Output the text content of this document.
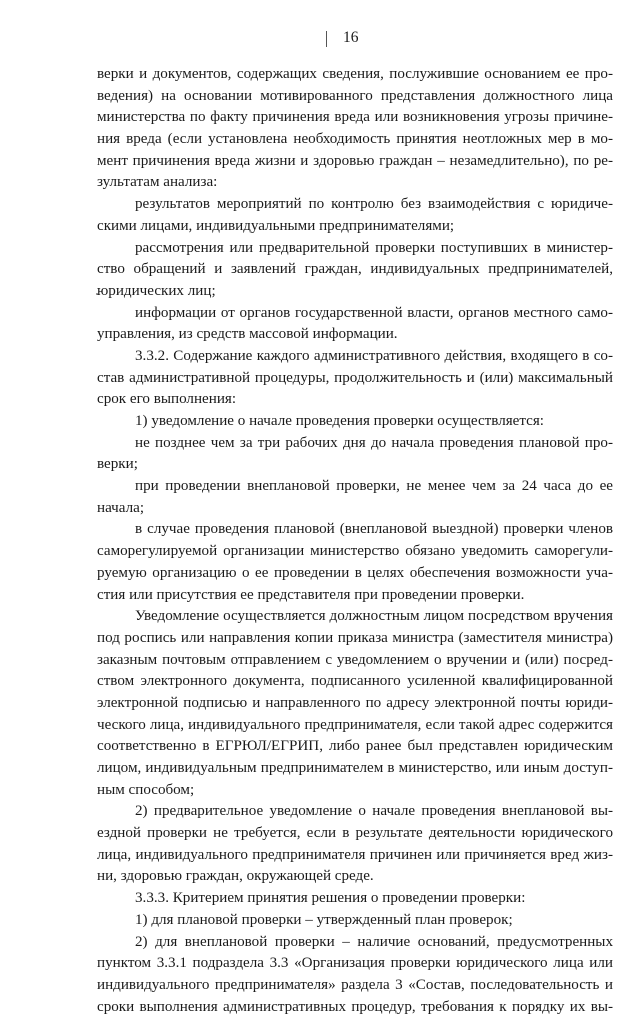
16
верки и документов, содержащих сведения, послужившие основанием ее про-
ведения) на основании мотивированного представления должностного лица
министерства по факту причинения вреда или возникновения угрозы причине-
ния вреда (если установлена необходимость принятия неотложных мер в мо-
мент причинения вреда жизни и здоровью граждан – незамедлительно), по ре-
зультатам анализа:
результатов мероприятий по контролю без взаимодействия с юридиче-
скими лицами, индивидуальными предпринимателями;
рассмотрения или предварительной проверки поступивших в министер-
ство обращений и заявлений граждан, индивидуальных предпринимателей,
юридических лиц;
информации от органов государственной власти, органов местного само-
управления, из средств массовой информации.
3.3.2. Содержание каждого административного действия, входящего в со-
став административной процедуры, продолжительность и (или) максимальный
срок его выполнения:
1) уведомление о начале проведения проверки осуществляется:
не позднее чем за три рабочих дня до начала проведения плановой про-
верки;
при проведении внеплановой проверки, не менее чем за 24 часа до ее
начала;
в случае проведения плановой (внеплановой выездной) проверки членов
саморегулируемой организации министерство обязано уведомить саморегули-
руемую организацию о ее проведении в целях обеспечения возможности уча-
стия или присутствия ее представителя при проведении проверки.
Уведомление осуществляется должностным лицом посредством вручения
под роспись или направления копии приказа министра (заместителя министра)
заказным почтовым отправлением с уведомлением о вручении и (или) посред-
ством электронного документа, подписанного усиленной квалифицированной
электронной подписью и направленного по адресу электронной почты юриди-
ческого лица, индивидуального предпринимателя, если такой адрес содержится
соответственно в ЕГРЮЛ/ЕГРИП, либо ранее был представлен юридическим
лицом, индивидуальным предпринимателем в министерство, или иным доступ-
ным способом;
2) предварительное уведомление о начале проведения внеплановой вы-
ездной проверки не требуется, если в результате деятельности юридического
лица, индивидуального предпринимателя причинен или причиняется вред жиз-
ни, здоровью граждан, окружающей среде.
3.3.3. Критерием принятия решения о проведении проверки:
1) для плановой проверки – утвержденный план проверок;
2) для внеплановой проверки – наличие оснований, предусмотренных
пунктом 3.3.1 подраздела 3.3 «Организация проверки юридического лица или
индивидуального предпринимателя» раздела 3 «Состав, последовательность и
сроки выполнения административных процедур, требования к порядку их вы-
